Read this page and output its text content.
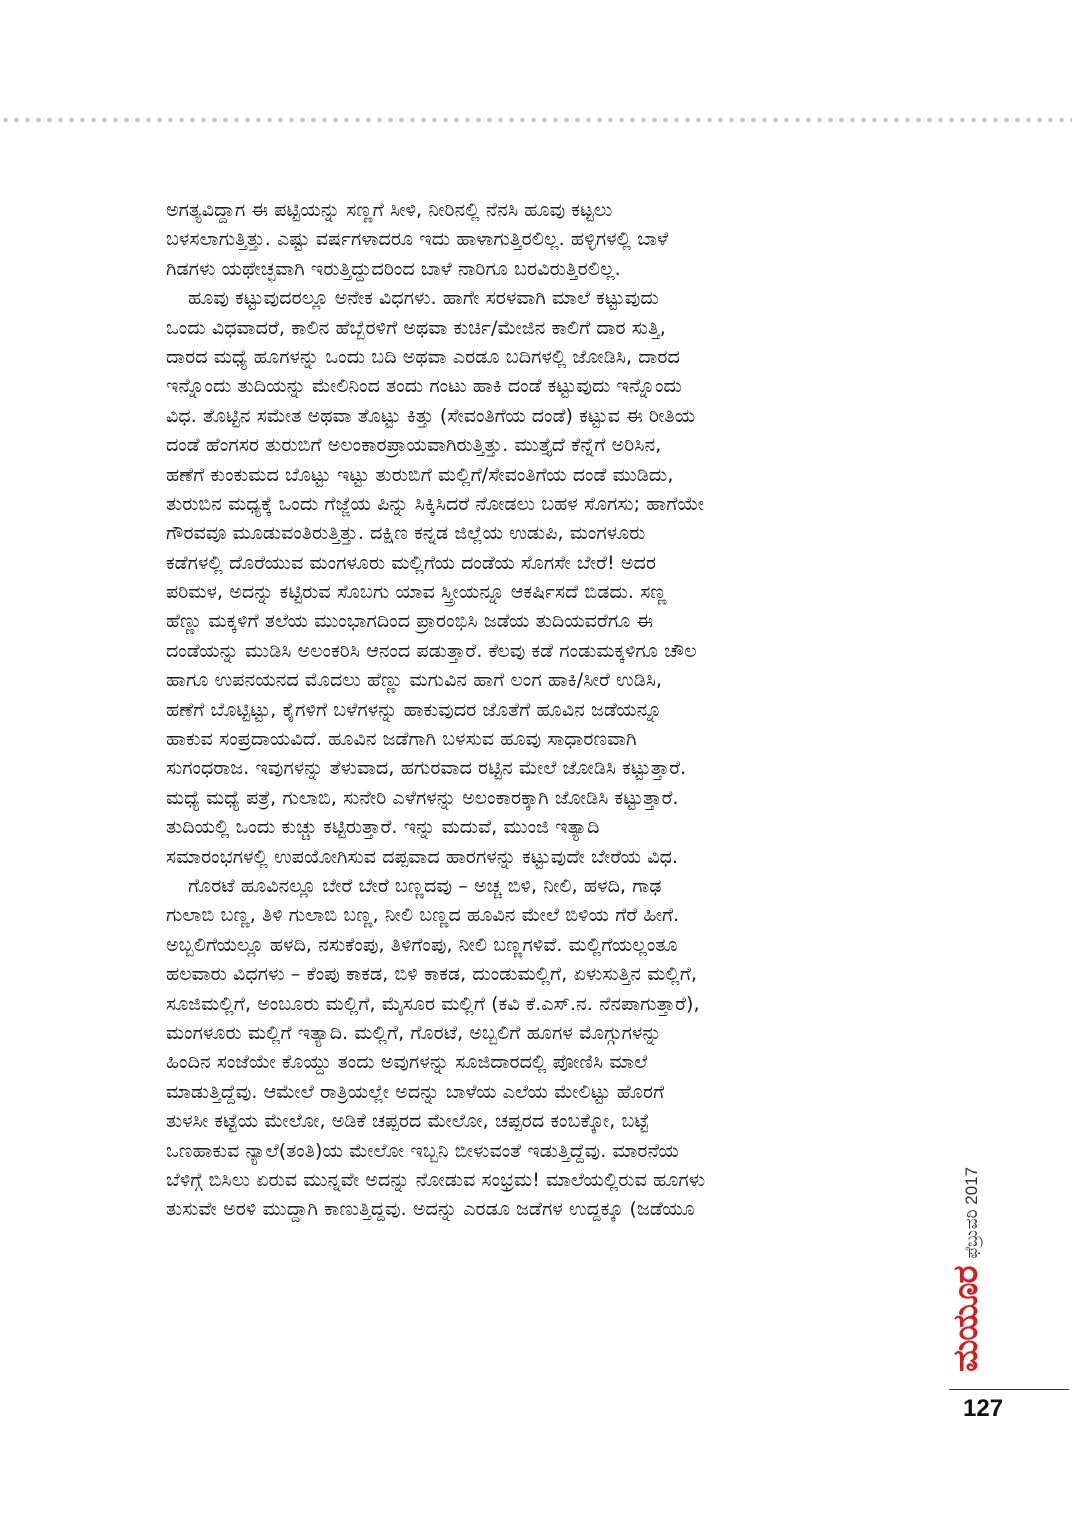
ಅಗತ್ಯವಿದ್ದಾಗ ಈ ಪಟ್ಟಿಯನ್ನು ಸಣ್ಣಗೆ ಸೀಳಿ, ನೀರಿನಲ್ಲಿ ನೆನಸಿ ಹೂವು ಕಟ್ಟಲು
ಬಳಸಲಾಗುತ್ತಿತ್ತು. ಎಷ್ಟು ವರ್ಷಗಳಾದರೂ ಇದು ಹಾಳಾಗುತ್ತಿರಲಿಲ್ಲ. ಹಳ್ಳಿಗಳಲ್ಲಿ ಬಾಳೆ
ಗಿಡಗಳು ಯಥೇಚ್ಛವಾಗಿ ಇರುತ್ತಿದ್ದುದರಿಂದ ಬಾಳೆ ನಾರಿಗೂ ಬರವಿರುತ್ತಿರಲಿಲ್ಲ.

ಹೂವು ಕಟ್ಟುವುದರಲ್ಲೂ ಅನೇಕ ವಿಧಗಳು. ಹಾಗೇ ಸರಳವಾಗಿ ಮಾಲೆ ಕಟ್ಟುವುದು
ಒಂದು ವಿಧವಾದರೆ, ಕಾಲಿನ ಹೆಬ್ಬೆರಳಿಗೆ ಅಥವಾ ಕುರ್ಚಿ/ಮೇಜಿನ ಕಾಲಿಗೆ ದಾರ ಸುತ್ತಿ,
ದಾರದ ಮಧ್ಯೆ ಹೂಗಳನ್ನು ಒಂದು ಬದಿ ಅಥವಾ ಎರಡೂ ಬದಿಗಳಲ್ಲಿ ಜೋಡಿಸಿ, ದಾರದ
ಇನ್ನೊಂದು ತುದಿಯನ್ನು ಮೇಲಿನಿಂದ ತಂದು ಗಂಟು ಹಾಕಿ ದಂಡೆ ಕಟ್ಟುವುದು ಇನ್ನೊಂದು
ವಿಧ. ತೊಟ್ಟಿನ ಸಮೇತ ಅಥವಾ ತೊಟ್ಟು ಕಿತ್ತು (ಸೇವಂತಿಗೆಯ ದಂಡೆ) ಕಟ್ಟುವ ಈ ರೀತಿಯ
ದಂಡೆ ಹೆಂಗಸರ ತುರುಬಿಗೆ ಅಲಂಕಾರಪ್ರಾಯವಾಗಿರುತ್ತಿತ್ತು. ಮುತ್ತೈದೆ ಕೆನ್ನೆಗೆ ಅರಿಸಿನ,
ಹಣೆಗೆ ಕುಂಕುಮದ ಬೊಟ್ಟು ಇಟ್ಟು ತುರುಬಿಗೆ ಮಲ್ಲಿಗೆ/ಸೇವಂತಿಗೆಯ ದಂಡೆ ಮುಡಿದು,
ತುರುಬಿನ ಮಧ್ಯಕ್ಕೆ ಒಂದು ಗೆಜ್ಜೆಯ ಪಿನ್ನು ಸಿಕ್ಕಿಸಿದರೆ ನೋಡಲು ಬಹಳ ಸೊಗಸು; ಹಾಗೆಯೇ
ಗೌರವವೂ ಮೂಡುವಂತಿರುತ್ತಿತ್ತು. ದಕ್ಷಿಣ ಕನ್ನಡ ಜಿಲ್ಲೆಯ ಉಡುಪಿ, ಮಂಗಳೂರು
ಕಡೆಗಳಲ್ಲಿ ದೊರೆಯುವ ಮಂಗಳೂರು ಮಲ್ಲಿಗೆಯ ದಂಡೆಯ ಸೊಗಸೇ ಬೇರೆ! ಅದರ
ಪರಿಮಳ, ಅದನ್ನು ಕಟ್ಟಿರುವ ಸೊಬಗು ಯಾವ ಸ್ತ್ರೀಯನ್ನೂ ಆಕರ್ಷಿಸದೆ ಬಿಡದು. ಸಣ್ಣ
ಹೆಣ್ಣು ಮಕ್ಕಳಿಗೆ ತಲೆಯ ಮುಂಭಾಗದಿಂದ ಪ್ರಾರಂಭಿಸಿ ಜಡೆಯ ತುದಿಯವರೆಗೂ ಈ
ದಂಡೆಯನ್ನು ಮುಡಿಸಿ ಅಲಂಕರಿಸಿ ಆನಂದ ಪಡುತ್ತಾರೆ. ಕೆಲವು ಕಡೆ ಗಂಡುಮಕ್ಕಳಿಗೂ ಚೌಲ
ಹಾಗೂ ಉಪನಯನದ ಮೊದಲು ಹೆಣ್ಣು ಮಗುವಿನ ಹಾಗೆ ಲಂಗ ಹಾಕಿ/ಸೀರೆ ಉಡಿಸಿ,
ಹಣೆಗೆ ಬೊಟ್ಟಿಟ್ಟು, ಕೈಗಳಿಗೆ ಬಳೆಗಳನ್ನು ಹಾಕುವುದರ ಜೊತೆಗೆ ಹೂವಿನ ಜಡೆಯನ್ನೂ
ಹಾಕುವ ಸಂಪ್ರದಾಯವಿದೆ. ಹೂವಿನ ಜಡೆಗಾಗಿ ಬಳಸುವ ಹೂವು ಸಾಧಾರಣವಾಗಿ
ಸುಗಂಧರಾಜ. ಇವುಗಳನ್ನು ತೆಳುವಾದ, ಹಗುರವಾದ ರಟ್ಟಿನ ಮೇಲೆ ಜೋಡಿಸಿ ಕಟ್ಟುತ್ತಾರೆ.
ಮಧ್ಯೆ ಮಧ್ಯೆ ಪತ್ರೆ, ಗುಲಾಬಿ, ಸುನೇರಿ ಎಳೆಗಳನ್ನು ಅಲಂಕಾರಕ್ಕಾಗಿ ಜೋಡಿಸಿ ಕಟ್ಟುತ್ತಾರೆ.
ತುದಿಯಲ್ಲಿ ಒಂದು ಕುಚ್ಚು ಕಟ್ಟಿರುತ್ತಾರೆ. ಇನ್ನು ಮದುವೆ, ಮುಂಜಿ ಇತ್ಯಾದಿ
ಸಮಾರಂಭಗಳಲ್ಲಿ ಉಪಯೋಗಿಸುವ ದಪ್ಪವಾದ ಹಾರಗಳನ್ನು ಕಟ್ಟುವುದೇ ಬೇರೆಯ ವಿಧ.

ಗೊರಟೆ ಹೂವಿನಲ್ಲೂ ಬೇರೆ ಬೇರೆ ಬಣ್ಣದವು – ಅಚ್ಚ ಬಿಳಿ, ನೀಲಿ, ಹಳದಿ, ಗಾಢ
ಗುಲಾಬಿ ಬಣ್ಣ, ತಿಳಿ ಗುಲಾಬಿ ಬಣ್ಣ, ನೀಲಿ ಬಣ್ಣದ ಹೂವಿನ ಮೇಲೆ ಬಿಳಿಯ ಗೆರೆ ಹೀಗೆ.
ಅಬ್ಬಲಿಗೆಯಲ್ಲೂ ಹಳದಿ, ನಸುಕೆಂಪು, ತಿಳಿಗೆಂಪು, ನೀಲಿ ಬಣ್ಣಗಳಿವೆ. ಮಲ್ಲಿಗೆಯಲ್ಲಂತೂ
ಹಲವಾರು ವಿಧಗಳು – ಕೆಂಪು ಕಾಕಡ, ಬಿಳಿ ಕಾಕಡ, ದುಂಡುಮಲ್ಲಿಗೆ, ಏಳುಸುತ್ತಿನ ಮಲ್ಲಿಗೆ,
ಸೂಜಿಮಲ್ಲಿಗೆ, ಅಂಬೂರು ಮಲ್ಲಿಗೆ, ಮೈಸೂರ ಮಲ್ಲಿಗೆ (ಕವಿ ಕೆ.ಎಸ್.ನ. ನೆನಪಾಗುತ್ತಾರೆ),
ಮಂಗಳೂರು ಮಲ್ಲಿಗೆ ಇತ್ಯಾದಿ. ಮಲ್ಲಿಗೆ, ಗೊರಟೆ, ಅಬ್ಬಲಿಗೆ ಹೂಗಳ ಮೊಗ್ಗುಗಳನ್ನು
ಹಿಂದಿನ ಸಂಜೆಯೇ ಕೊಯ್ದು ತಂದು ಅವುಗಳನ್ನು ಸೂಜಿದಾರದಲ್ಲಿ ಪೋಣಿಸಿ ಮಾಲೆ
ಮಾಡುತ್ತಿದ್ದೆವು. ಆಮೇಲೆ ರಾತ್ರಿಯಲ್ಲೇ ಅದನ್ನು ಬಾಳೆಯ ಎಲೆಯ ಮೇಲಿಟ್ಟು ಹೊರಗೆ
ತುಳಸೀ ಕಟ್ಟೆಯ ಮೇಲೋ, ಅಡಿಕೆ ಚಪ್ಪರದ ಮೇಲೋ, ಚಪ್ಪರದ ಕಂಬಕ್ಕೋ, ಬಟ್ಟೆ
ಒಣಹಾಕುವ ನ್ಯಾಲೆ(ತಂತಿ)ಯ ಮೇಲೋ ಇಬ್ಬನಿ ಬೀಳುವಂತೆ ಇಡುತ್ತಿದ್ದೆವು. ಮಾರನೆಯ
ಬೆಳಿಗ್ಗೆ ಬಿಸಿಲು ಏರುವ ಮುನ್ನವೇ ಅದನ್ನು ನೋಡುವ ಸಂಭ್ರಮ! ಮಾಲೆಯಲ್ಲಿರುವ ಹೂಗಳು
ತುಸುವೇ ಅರಳಿ ಮುದ್ದಾಗಿ ಕಾಣುತ್ತಿದ್ದವು. ಅದನ್ನು ಎರಡೂ ಜಡೆಗಳ ಉದ್ದಕ್ಕೂ (ಜಡೆಯೂ

ಮಯೂರ
ಫೆಬ್ರುವರಿ 2017
127
